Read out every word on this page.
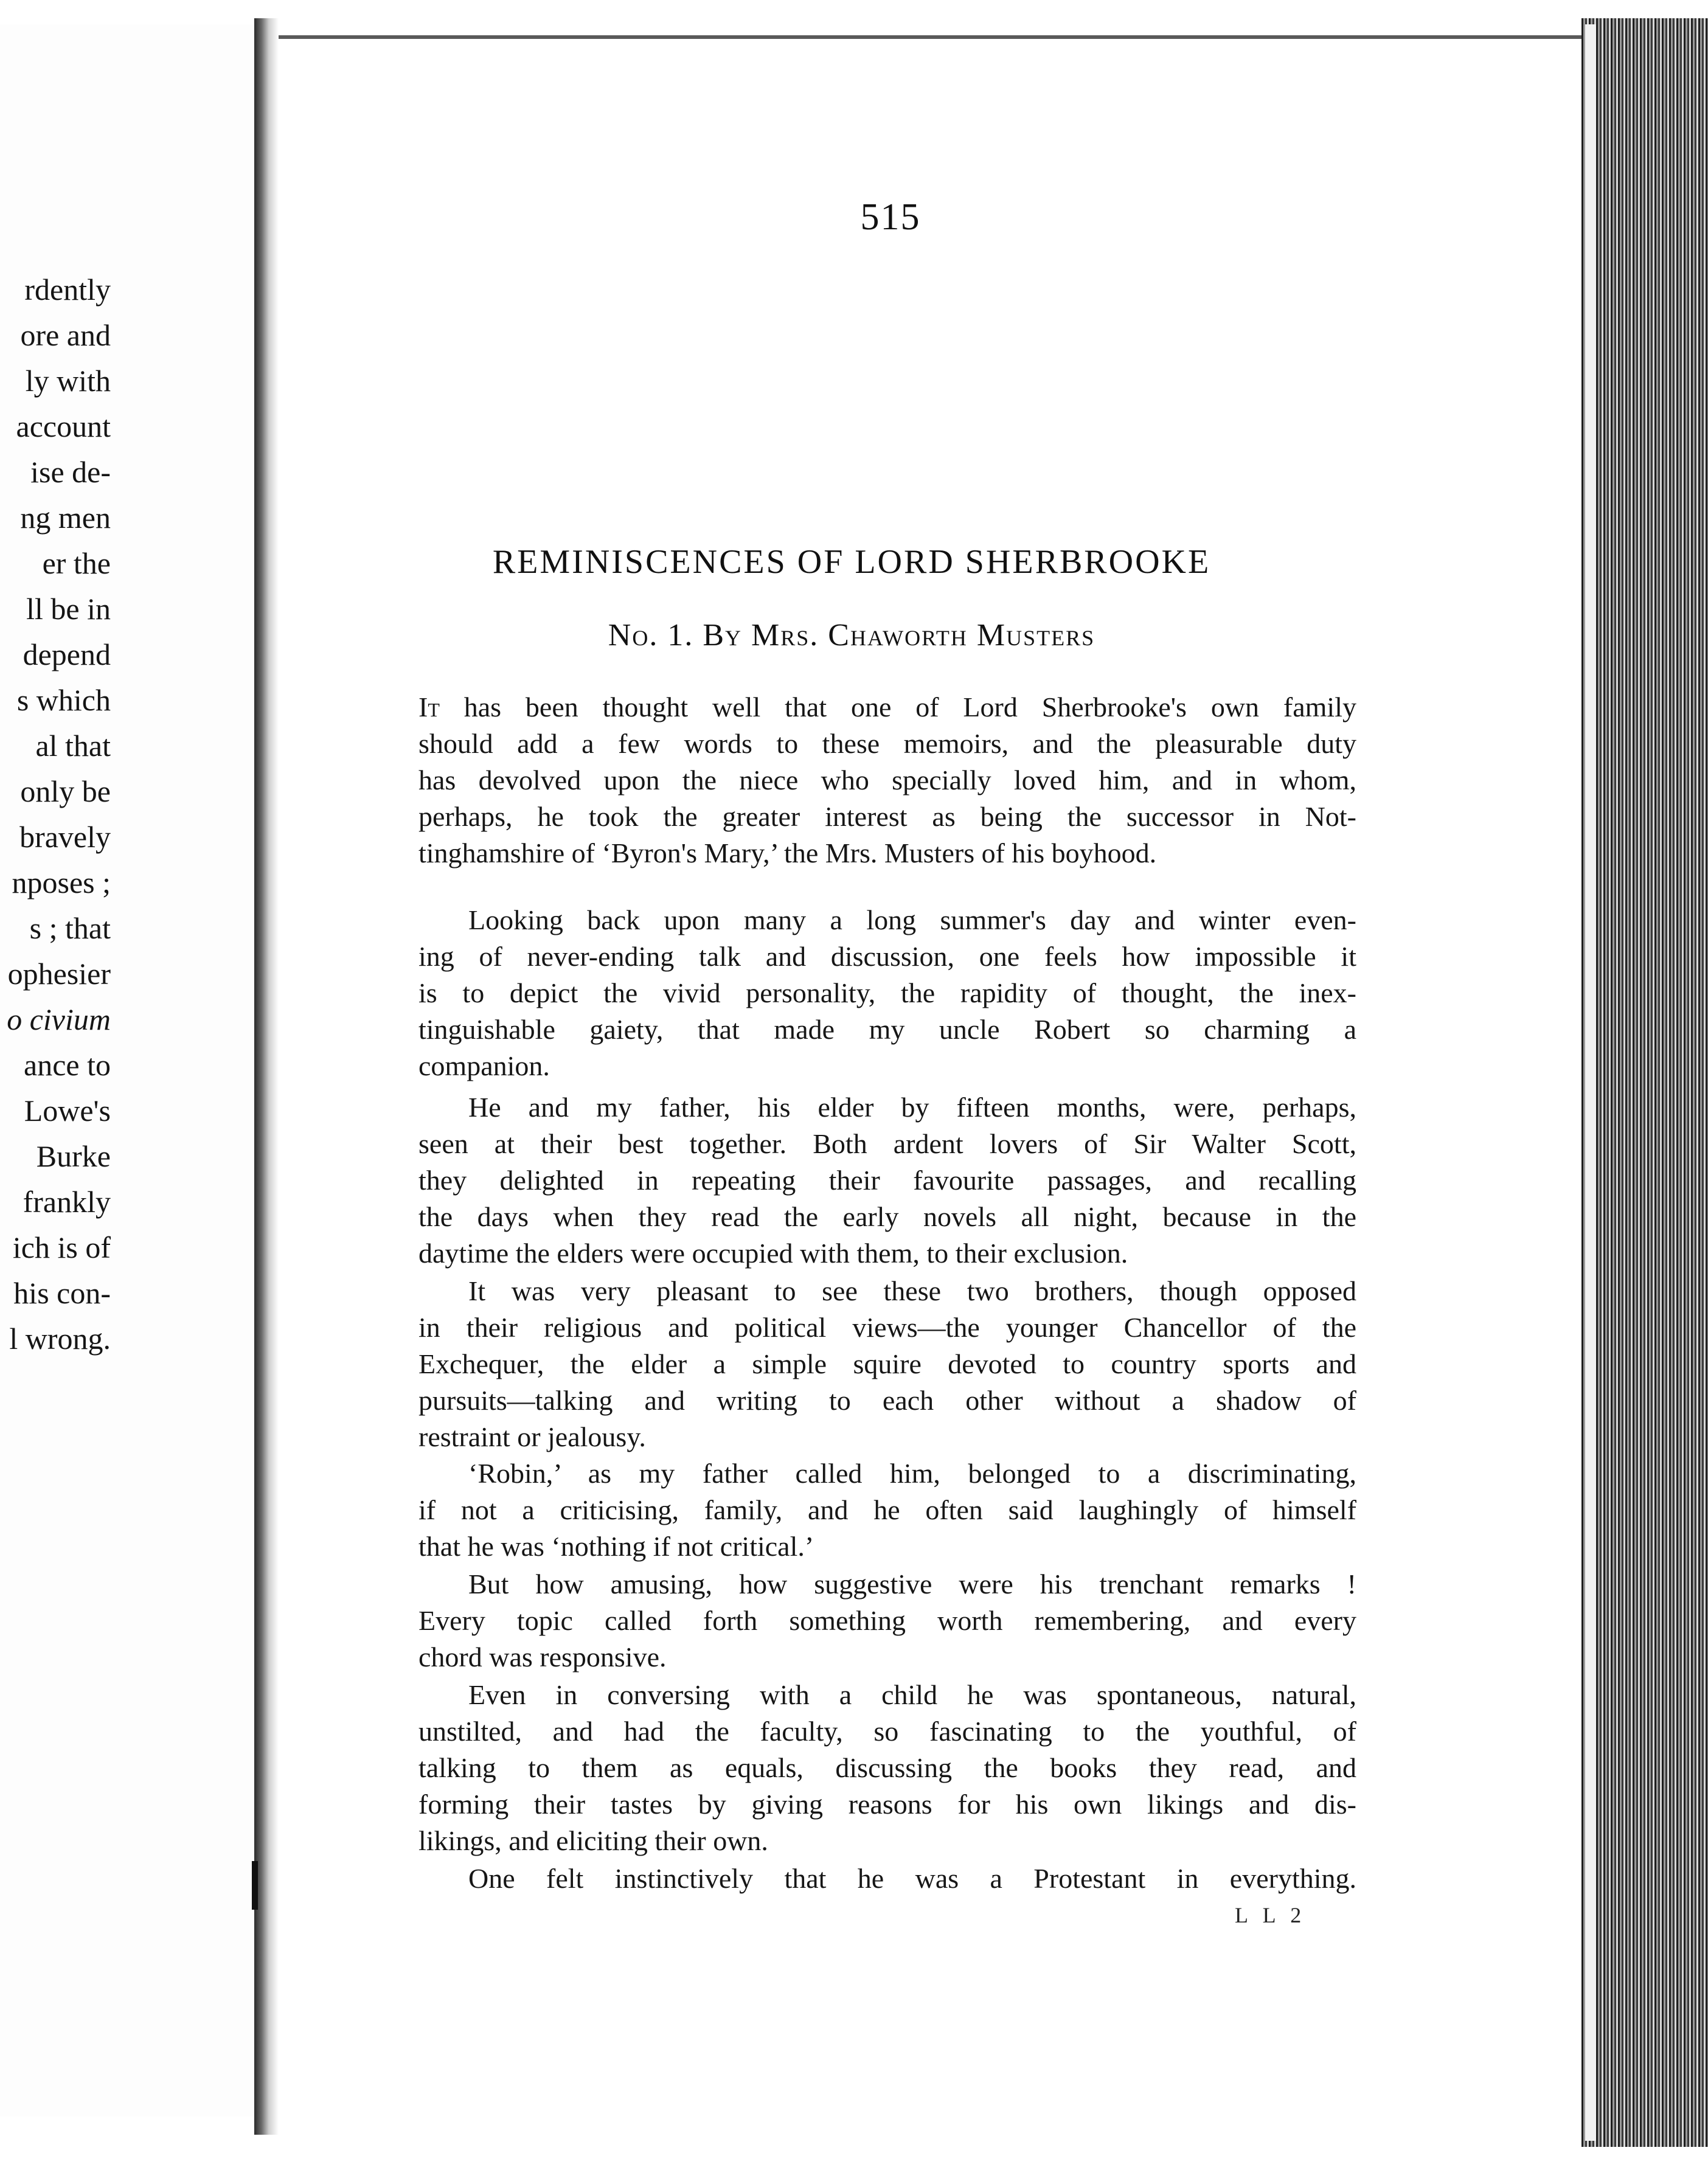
rdently
ore and
ly with
account
ise de-
ng men
er the
ll be in
depend
s which
al that
only be
bravely
nposes ;
s ; that
ophesier
o civium
ance to
Lowe's
Burke
frankly
ich is of
his con-
l wrong.
515
REMINISCENCES OF LORD SHERBROOKE
No. 1. By Mrs. Chaworth Musters
It has been thought well that one of Lord Sherbrooke's own family
should add a few words to these memoirs, and the pleasurable duty
has devolved upon the niece who specially loved him, and in whom,
perhaps, he took the greater interest as being the successor in Not-
tinghamshire of ‘Byron's Mary,’ the Mrs. Musters of his boyhood.
Looking back upon many a long summer's day and winter even-
ing of never-ending talk and discussion, one feels how impossible it
is to depict the vivid personality, the rapidity of thought, the inex-
tinguishable gaiety, that made my uncle Robert so charming a
companion.
He and my father, his elder by fifteen months, were, perhaps,
seen at their best together. Both ardent lovers of Sir Walter Scott,
they delighted in repeating their favourite passages, and recalling
the days when they read the early novels all night, because in the
daytime the elders were occupied with them, to their exclusion.
It was very pleasant to see these two brothers, though opposed
in their religious and political views—the younger Chancellor of the
Exchequer, the elder a simple squire devoted to country sports and
pursuits—talking and writing to each other without a shadow of
restraint or jealousy.
‘Robin,’ as my father called him, belonged to a discriminating,
if not a criticising, family, and he often said laughingly of himself
that he was ‘nothing if not critical.’
But how amusing, how suggestive were his trenchant remarks !
Every topic called forth something worth remembering, and every
chord was responsive.
Even in conversing with a child he was spontaneous, natural,
unstilted, and had the faculty, so fascinating to the youthful, of
talking to them as equals, discussing the books they read, and
forming their tastes by giving reasons for his own likings and dis-
likings, and eliciting their own.
One felt instinctively that he was a Protestant in everything.
L L 2
